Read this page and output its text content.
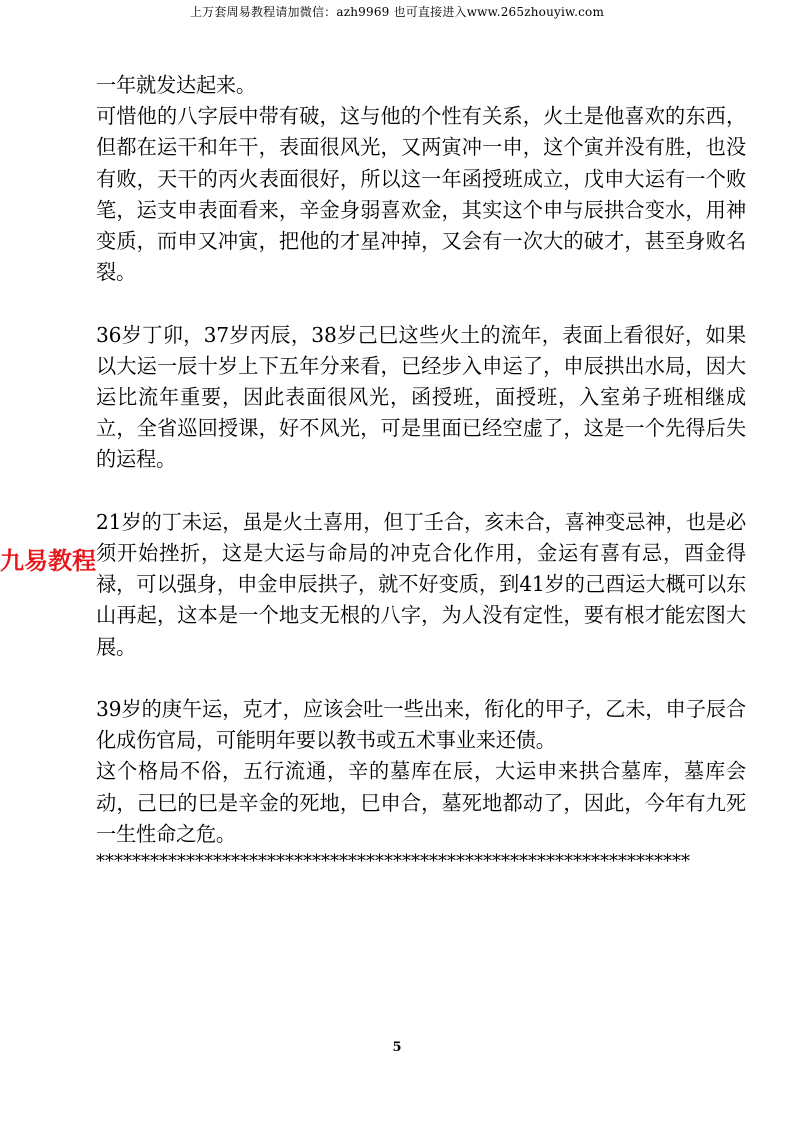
上万套周易教程请加微信：azh9969 也可直接进入www.265zhouyiw.com

一年就发达起来。

可惜他的八字辰中带有破，这与他的个性有关系，火土是他喜欢的东西，但都在运干和年干，表面很风光，又两寅冲一申，这个寅并没有胜，也没有败，天干的丙火表面很好，所以这一年函授班成立，戊申大运有一个败笔，运支申表面看来，辛金身弱喜欢金，其实这个申与辰拱合变水，用神变质，而申又冲寅，把他的才星冲掉，又会有一次大的破才，甚至身败名裂。

36岁丁卯，37岁丙辰，38岁己巳这些火土的流年，表面上看很好，如果以大运一辰十岁上下五年分来看，已经步入申运了，申辰拱出水局，因大运比流年重要，因此表面很风光，函授班，面授班，入室弟子班相继成立，全省巡回授课，好不风光，可是里面已经空虚了，这是一个先得后失的运程。

21岁的丁未运，虽是火土喜用，但丁壬合，亥未合，喜神变忌神，也是必须开始挫折，这是大运与命局的冲克合化作用，金运有喜有忌，酉金得禄，可以强身，申金申辰拱子，就不好变质，到41岁的己酉运大概可以东山再起，这本是一个地支无根的八字，为人没有定性，要有根才能宏图大展。

39岁的庚午运，克才，应该会吐一些出来，衔化的甲子，乙未，申子辰合化成伤官局，可能明年要以教书或五术事业来还债。

这个格局不俗，五行流通，辛的墓库在辰，大运申来拱合墓库，墓库会动，己巳的巳是辛金的死地，巳申合，墓死地都动了，因此，今年有九死一生性命之危。

******************************************************************
九易教程
5
